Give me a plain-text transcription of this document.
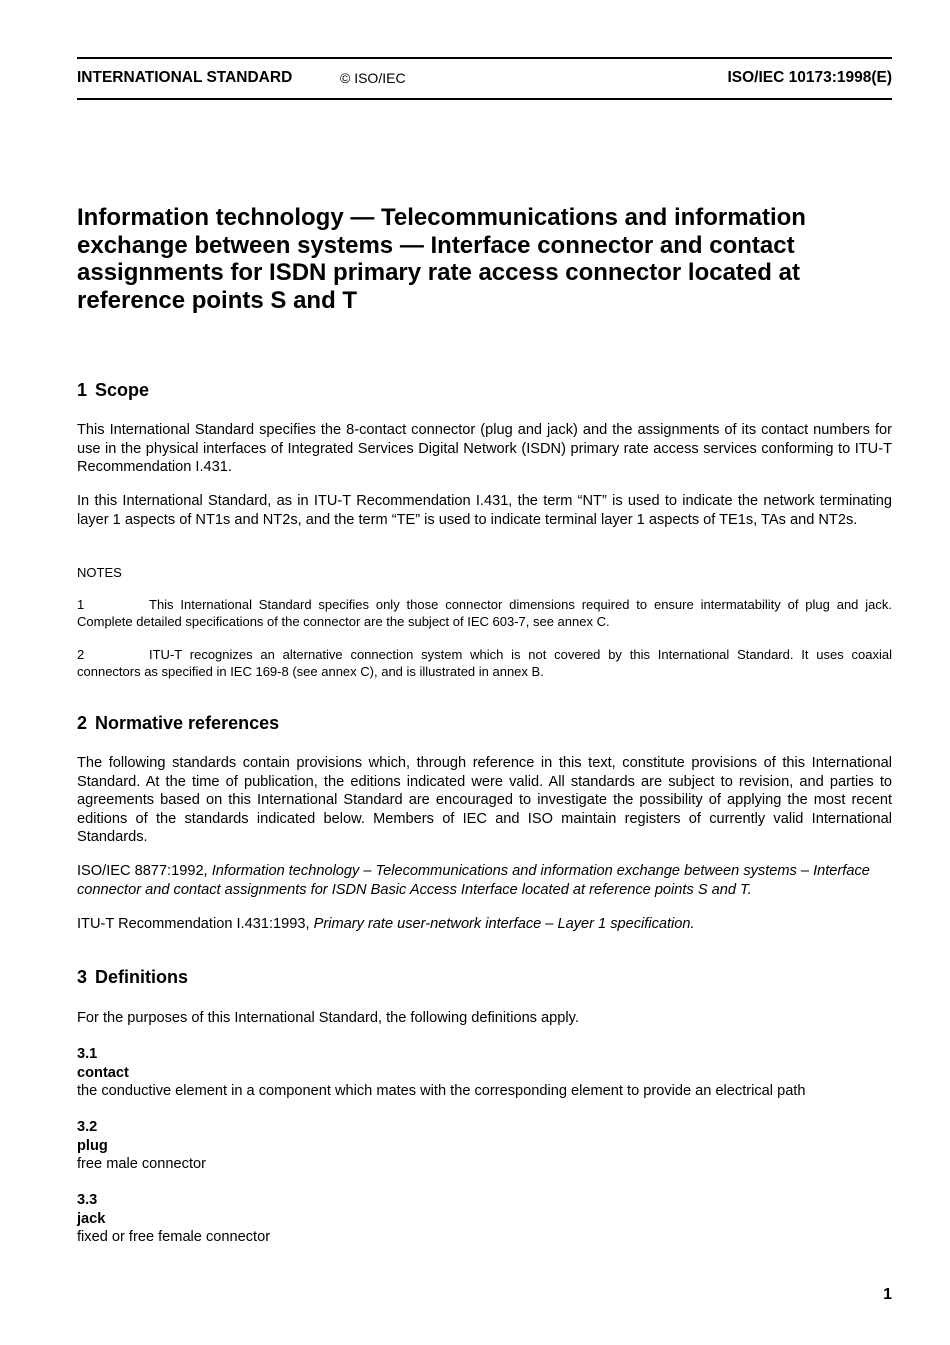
INTERNATIONAL STANDARD	© ISO/IEC	ISO/IEC 10173:1998(E)
Information technology — Telecommunications and information exchange between systems — Interface connector and contact assignments for ISDN primary rate access connector located at reference points S and T
1 Scope

This International Standard specifies the 8-contact connector (plug and jack) and the assignments of its contact numbers for use in the physical interfaces of Integrated Services Digital Network (ISDN) primary rate access services conforming to ITU-T Recommendation I.431.

In this International Standard, as in ITU-T Recommendation I.431, the term “NT” is used to indicate the network terminating layer 1 aspects of NT1s and NT2s, and the term “TE” is used to indicate terminal layer 1 aspects of TE1s, TAs and NT2s.

NOTES

1	This International Standard specifies only those connector dimensions required to ensure intermatability of plug and jack. Complete detailed specifications of the connector are the subject of IEC 603-7, see annex C.

2	ITU-T recognizes an alternative connection system which is not covered by this International Standard. It uses coaxial connectors as specified in IEC 169-8 (see annex C), and is illustrated in annex B.

2 Normative references

The following standards contain provisions which, through reference in this text, constitute provisions of this International Standard. At the time of publication, the editions indicated were valid. All standards are subject to revision, and parties to agreements based on this International Standard are encouraged to investigate the possibility of applying the most recent editions of the standards indicated below. Members of IEC and ISO maintain registers of currently valid International Standards.

ISO/IEC 8877:1992, Information technology – Telecommunications and information exchange between systems – Interface connector and contact assignments for ISDN Basic Access Interface located at reference points S and T.

ITU-T Recommendation I.431:1993, Primary rate user-network interface – Layer 1 specification.

3 Definitions

For the purposes of this International Standard, the following definitions apply.

3.1
contact
the conductive element in a component which mates with the corresponding element to provide an electrical path
3.2
plug
free male connector
3.3
jack
fixed or free female connector
1
